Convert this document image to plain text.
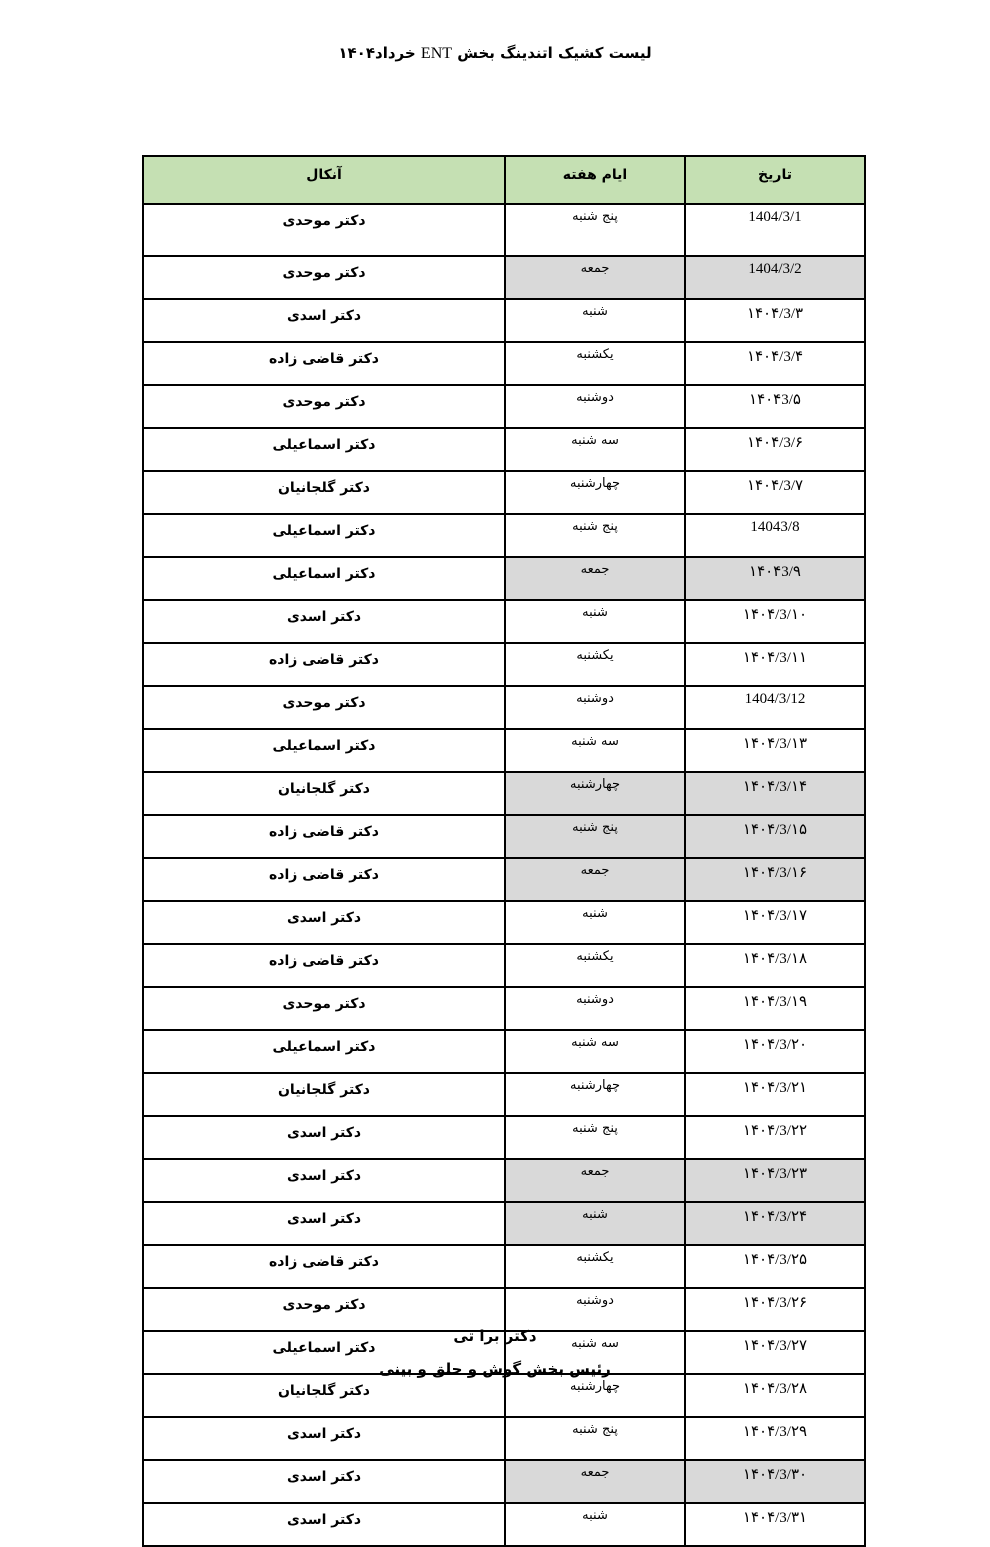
لیست کشیک اتندینگ بخش ENT خرداد۱۴۰۴
تاریخ	ایام هفته	آنکال
1404/3/1	پنج شنبه	دکتر موحدی
1404/3/2	جمعه	دکتر موحدی
۱۴۰۴/3/۳	شنبه	دکتر اسدی
۱۴۰۴/3/۴	یکشنبه	دکتر قاضی زاده
۱۴۰۴3/۵	دوشنبه	دکتر موحدی
۱۴۰۴/3/۶	سه شنبه	دکتر اسماعیلی
۱۴۰۴/3/۷	چهارشنبه	دکتر گلجانیان
14043/8	پنج شنبه	دکتر اسماعیلی
۱۴۰۴3/۹	جمعه	دکتر اسماعیلی
۱۴۰۴/3/۱۰	شنبه	دکتر اسدی
۱۴۰۴/3/۱۱	یکشنبه	دکتر قاضی زاده
1404/3/12	دوشنبه	دکتر موحدی
۱۴۰۴/3/۱۳	سه شنبه	دکتر اسماعیلی
۱۴۰۴/3/۱۴	چهارشنبه	دکتر گلجانیان
۱۴۰۴/3/۱۵	پنج شنبه	دکتر قاضی زاده
۱۴۰۴/3/۱۶	جمعه	دکتر قاضی زاده
۱۴۰۴/3/۱۷	شنبه	دکتر اسدی
۱۴۰۴/3/۱۸	یکشنبه	دکتر قاضی زاده
۱۴۰۴/3/۱۹	دوشنبه	دکتر موحدی
۱۴۰۴/3/۲۰	سه شنبه	دکتر اسماعیلی
۱۴۰۴/3/۲۱	چهارشنبه	دکتر گلجانیان
۱۴۰۴/3/۲۲	پنج شنبه	دکتر اسدی
۱۴۰۴/3/۲۳	جمعه	دکتر اسدی
۱۴۰۴/3/۲۴	شنبه	دکتر اسدی
۱۴۰۴/3/۲۵	یکشنبه	دکتر قاضی زاده
۱۴۰۴/3/۲۶	دوشنبه	دکتر موحدی
۱۴۰۴/3/۲۷	سه شنبه	دکتر اسماعیلی
۱۴۰۴/3/۲۸	چهارشنبه	دکتر گلجانیان
۱۴۰۴/3/۲۹	پنج شنبه	دکتر اسدی
۱۴۰۴/3/۳۰	جمعه	دکتر اسدی
۱۴۰۴/3/۳۱	شنبه	دکتر اسدی
دکتر برا تی
رئیس بخش گوش و حلق و بینی
